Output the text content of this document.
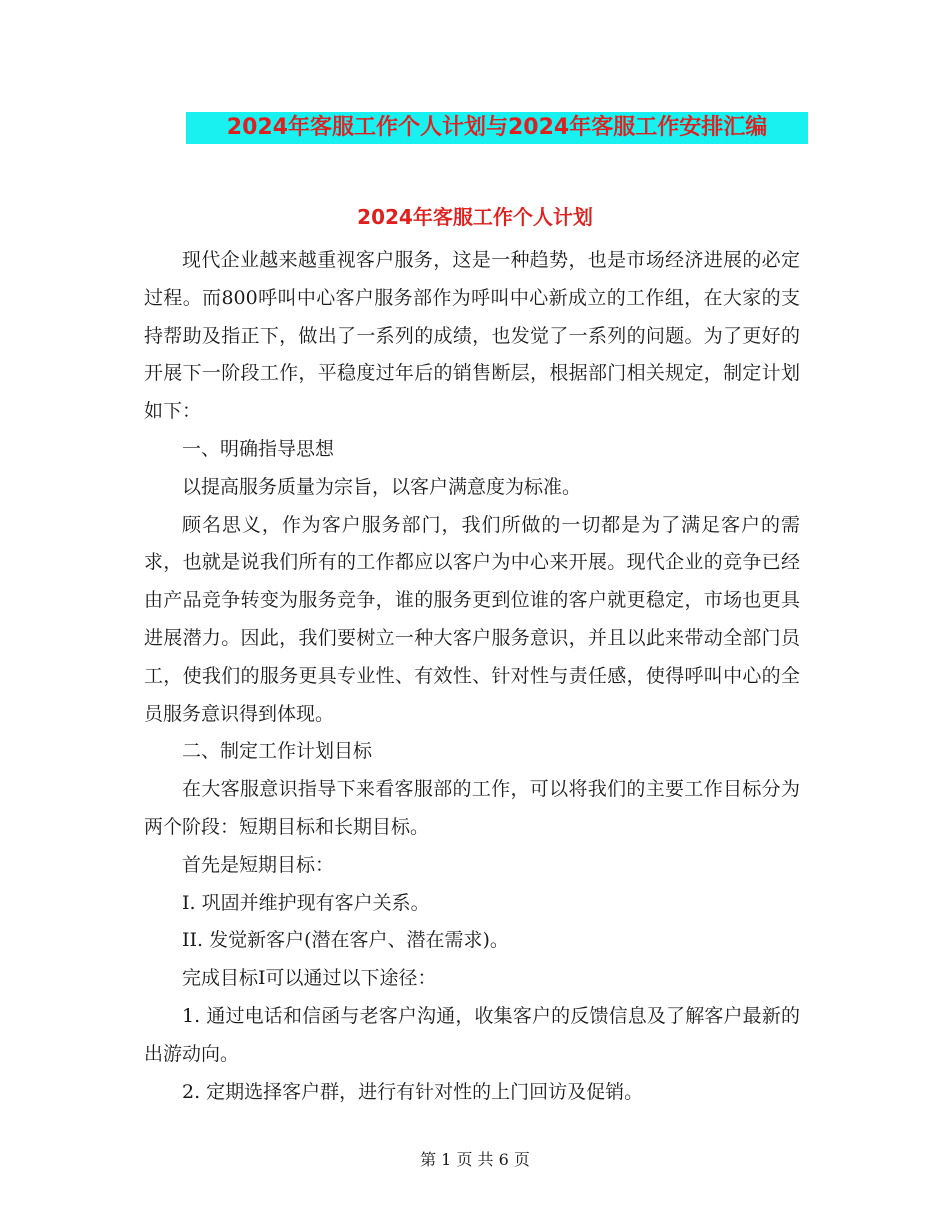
2024年客服工作个人计划与2024年客服工作安排汇编
2024年客服工作个人计划

现代企业越来越重视客户服务，这是一种趋势，也是市场经济进展的必定过程。而800呼叫中心客户服务部作为呼叫中心新成立的工作组，在大家的支持帮助及指正下，做出了一系列的成绩，也发觉了一系列的问题。为了更好的开展下一阶段工作，平稳度过年后的销售断层，根据部门相关规定，制定计划如下：

一、明确指导思想

以提高服务质量为宗旨，以客户满意度为标准。

顾名思义，作为客户服务部门，我们所做的一切都是为了满足客户的需求，也就是说我们所有的工作都应以客户为中心来开展。现代企业的竞争已经由产品竞争转变为服务竞争，谁的服务更到位谁的客户就更稳定，市场也更具进展潜力。因此，我们要树立一种大客户服务意识，并且以此来带动全部门员工，使我们的服务更具专业性、有效性、针对性与责任感，使得呼叫中心的全员服务意识得到体现。

二、制定工作计划目标

在大客服意识指导下来看客服部的工作，可以将我们的主要工作目标分为两个阶段：短期目标和长期目标。

首先是短期目标：

I. 巩固并维护现有客户关系。

II. 发觉新客户(潜在客户、潜在需求)。

完成目标I可以通过以下途径：

1. 通过电话和信函与老客户沟通，收集客户的反馈信息及了解客户最新的出游动向。

2. 定期选择客户群，进行有针对性的上门回访及促销。

第 1 页 共 6 页
